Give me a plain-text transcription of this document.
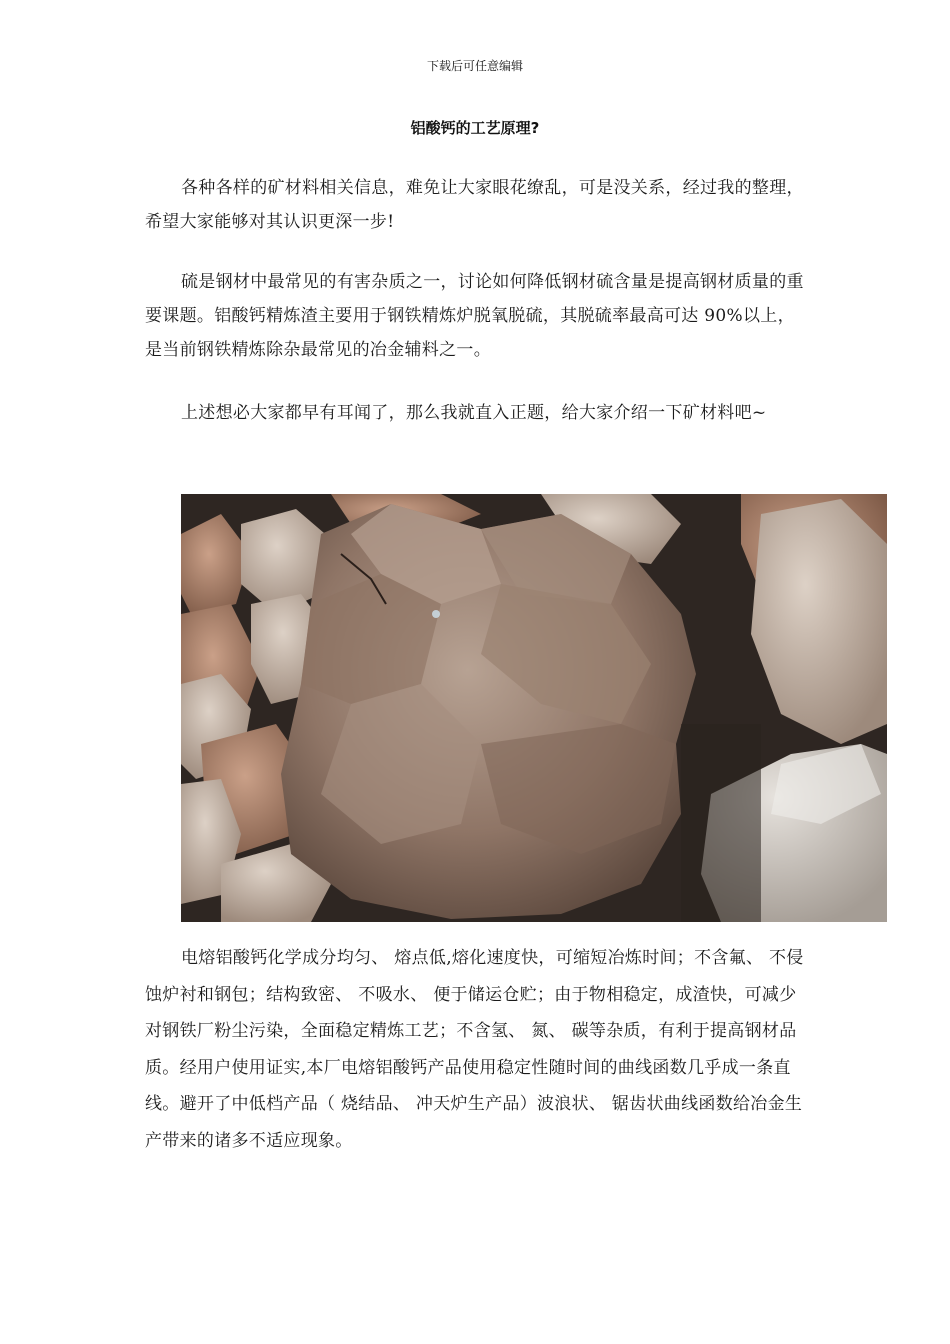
下载后可任意编辑
铝酸钙的工艺原理?

各种各样的矿材料相关信息，难免让大家眼花缭乱，可是没关系，经过我的整理，希望大家能够对其认识更深一步!

硫是钢材中最常见的有害杂质之一，讨论如何降低钢材硫含量是提高钢材质量的重要课题。铝酸钙精炼渣主要用于钢铁精炼炉脱氧脱硫，其脱硫率最高可达 90%以上，是当前钢铁精炼除杂最常见的冶金辅料之一。

上述想必大家都早有耳闻了，那么我就直入正题，给大家介绍一下矿材料吧~

电熔铝酸钙化学成分均匀、 熔点低,熔化速度快，可缩短冶炼时间；不含氟、 不侵蚀炉衬和钢包；结构致密、 不吸水、 便于储运仓贮；由于物相稳定，成渣快，可减少对钢铁厂粉尘污染，全面稳定精炼工艺；不含氢、 氮、 碳等杂质，有利于提高钢材品质。经用户使用证实,本厂电熔铝酸钙产品使用稳定性随时间的曲线函数几乎成一条直线。避开了中低档产品（ 烧结品、 冲天炉生产品）波浪状、 锯齿状曲线函数给冶金生产带来的诸多不适应现象。
